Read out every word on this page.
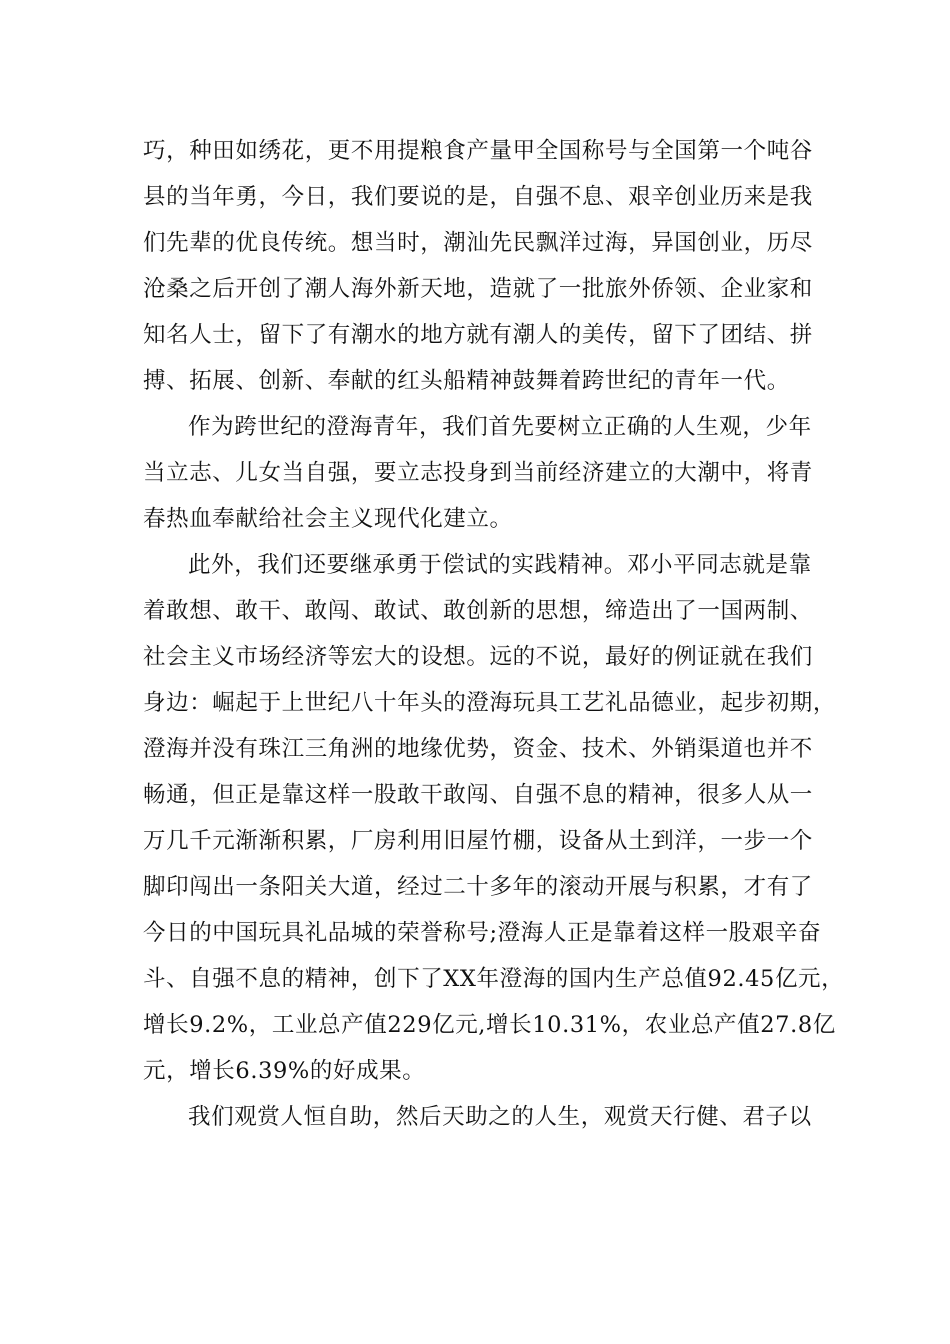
巧，种田如绣花，更不用提粮食产量甲全国称号与全国第一个吨谷
县的当年勇，今日，我们要说的是，自强不息、艰辛创业历来是我
们先辈的优良传统。想当时，潮汕先民飘洋过海，异国创业，历尽
沧桑之后开创了潮人海外新天地，造就了一批旅外侨领、企业家和
知名人士，留下了有潮水的地方就有潮人的美传，留下了团结、拼
搏、拓展、创新、奉献的红头船精神鼓舞着跨世纪的青年一代。

作为跨世纪的澄海青年，我们首先要树立正确的人生观，少年
当立志、儿女当自强，要立志投身到当前经济建立的大潮中，将青
春热血奉献给社会主义现代化建立。

此外，我们还要继承勇于偿试的实践精神。邓小平同志就是靠
着敢想、敢干、敢闯、敢试、敢创新的思想，缔造出了一国两制、
社会主义市场经济等宏大的设想。远的不说，最好的例证就在我们
身边：崛起于上世纪八十年头的澄海玩具工艺礼品德业，起步初期，
澄海并没有珠江三角洲的地缘优势，资金、技术、外销渠道也并不
畅通，但正是靠这样一股敢干敢闯、自强不息的精神，很多人从一
万几千元渐渐积累，厂房利用旧屋竹棚，设备从土到洋，一步一个
脚印闯出一条阳关大道，经过二十多年的滚动开展与积累，才有了
今日的中国玩具礼品城的荣誉称号;澄海人正是靠着这样一股艰辛奋
斗、自强不息的精神，创下了XX年澄海的国内生产总值92.45亿元，
增长9.2%，工业总产值229亿元,增长10.31%，农业总产值27.8亿
元，增长6.39%的好成果。

我们观赏人恒自助，然后天助之的人生，观赏天行健、君子以
